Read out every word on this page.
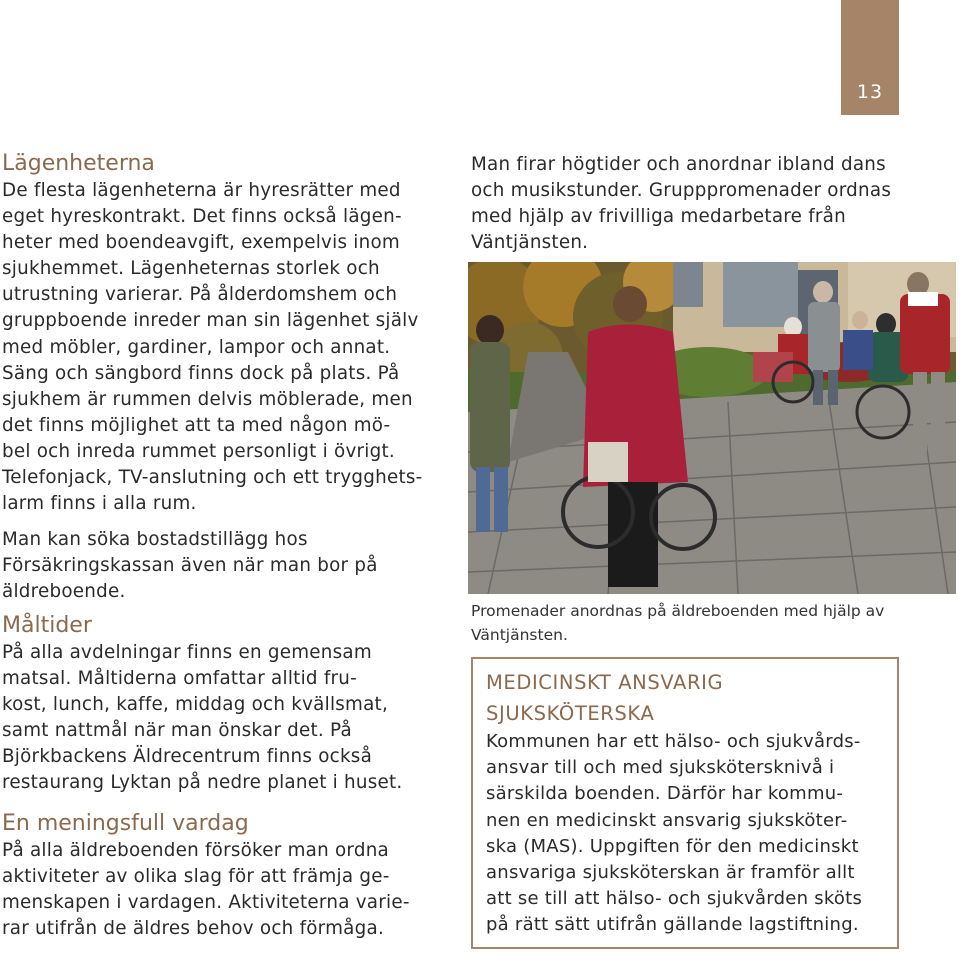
13
Lägenheterna

De flesta lägenheterna är hyresrätter med
eget hyreskontrakt. Det finns också lägen-
heter med boendeavgift, exempelvis inom
sjukhemmet. Lägenheternas storlek och
utrustning varierar. På ålderdomshem och
gruppboende inreder man sin lägenhet själv
med möbler, gardiner, lampor och annat.
Säng och sängbord finns dock på plats. På
sjukhem är rummen delvis möblerade, men
det finns möjlighet att ta med någon mö-
bel och inreda rummet personligt i övrigt.
Telefonjack, TV-anslutning och ett trygghets-
larm finns i alla rum.

Man kan söka bostadstillägg hos
Försäkringskassan även när man bor på
äldreboende.

Måltider

På alla avdelningar finns en gemensam
matsal. Måltiderna omfattar alltid fru-
kost, lunch, kaffe, middag och kvällsmat,
samt nattmål när man önskar det. På
Björkbackens Äldrecentrum finns också
restaurang Lyktan på nedre planet i huset.

En meningsfull vardag

På alla äldreboenden försöker man ordna
aktiviteter av olika slag för att främja ge-
menskapen i vardagen. Aktiviteterna varie-
rar utifrån de äldres behov och förmåga.

Man firar högtider och anordnar ibland dans
och musikstunder. Grupppromenader ordnas
med hjälp av frivilliga medarbetare från
Väntjänsten.

Promenader anordnas på äldreboenden med hjälp av
Väntjänsten.
MEDICINSKT ANSVARIG
SJUKSKÖTERSKA

Kommunen har ett hälso- och sjukvårds-
ansvar till och med sjukskötersknivå i
särskilda boenden. Därför har kommu-
nen en medicinskt ansvarig sjuksköter-
ska (MAS). Uppgiften för den medicinskt
ansvariga sjuksköterskan är framför allt
att se till att hälso- och sjukvården sköts
på rätt sätt utifrån gällande lagstiftning.
